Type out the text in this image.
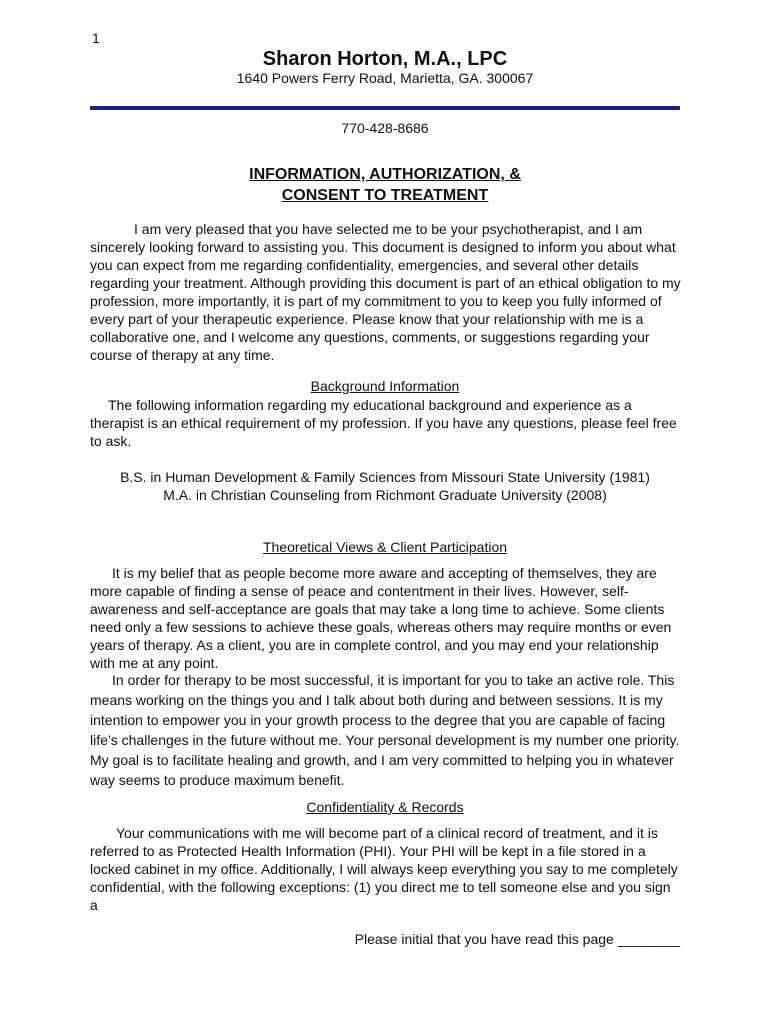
1
Sharon Horton, M.A., LPC
1640 Powers Ferry Road, Marietta, GA. 300067
770-428-8686
INFORMATION, AUTHORIZATION, &
CONSENT TO TREATMENT
I am very pleased that you have selected me to be your psychotherapist, and I am sincerely looking forward to assisting you. This document is designed to inform you about what you can expect from me regarding confidentiality, emergencies, and several other details regarding your treatment. Although providing this document is part of an ethical obligation to my profession, more importantly, it is part of my commitment to you to keep you fully informed of every part of your therapeutic experience. Please know that your relationship with me is a collaborative one, and I welcome any questions, comments, or suggestions regarding your course of therapy at any time.
Background Information
The following information regarding my educational background and experience as a therapist is an ethical requirement of my profession. If you have any questions, please feel free to ask.
B.S. in Human Development & Family Sciences from Missouri State University (1981)
M.A. in Christian Counseling from Richmont Graduate University (2008)
Theoretical Views & Client Participation
It is my belief that as people become more aware and accepting of themselves, they are more capable of finding a sense of peace and contentment in their lives. However, self-awareness and self-acceptance are goals that may take a long time to achieve. Some clients need only a few sessions to achieve these goals, whereas others may require months or even years of therapy. As a client, you are in complete control, and you may end your relationship with me at any point.
In order for therapy to be most successful, it is important for you to take an active role. This means working on the things you and I talk about both during and between sessions. It is my intention to empower you in your growth process to the degree that you are capable of facing life’s challenges in the future without me. Your personal development is my number one priority. My goal is to facilitate healing and growth, and I am very committed to helping you in whatever way seems to produce maximum benefit.
Confidentiality & Records
Your communications with me will become part of a clinical record of treatment, and it is referred to as Protected Health Information (PHI). Your PHI will be kept in a file stored in a locked cabinet in my office. Additionally, I will always keep everything you say to me completely confidential, with the following exceptions: (1) you direct me to tell someone else and you sign a
Please initial that you have read this page ________
